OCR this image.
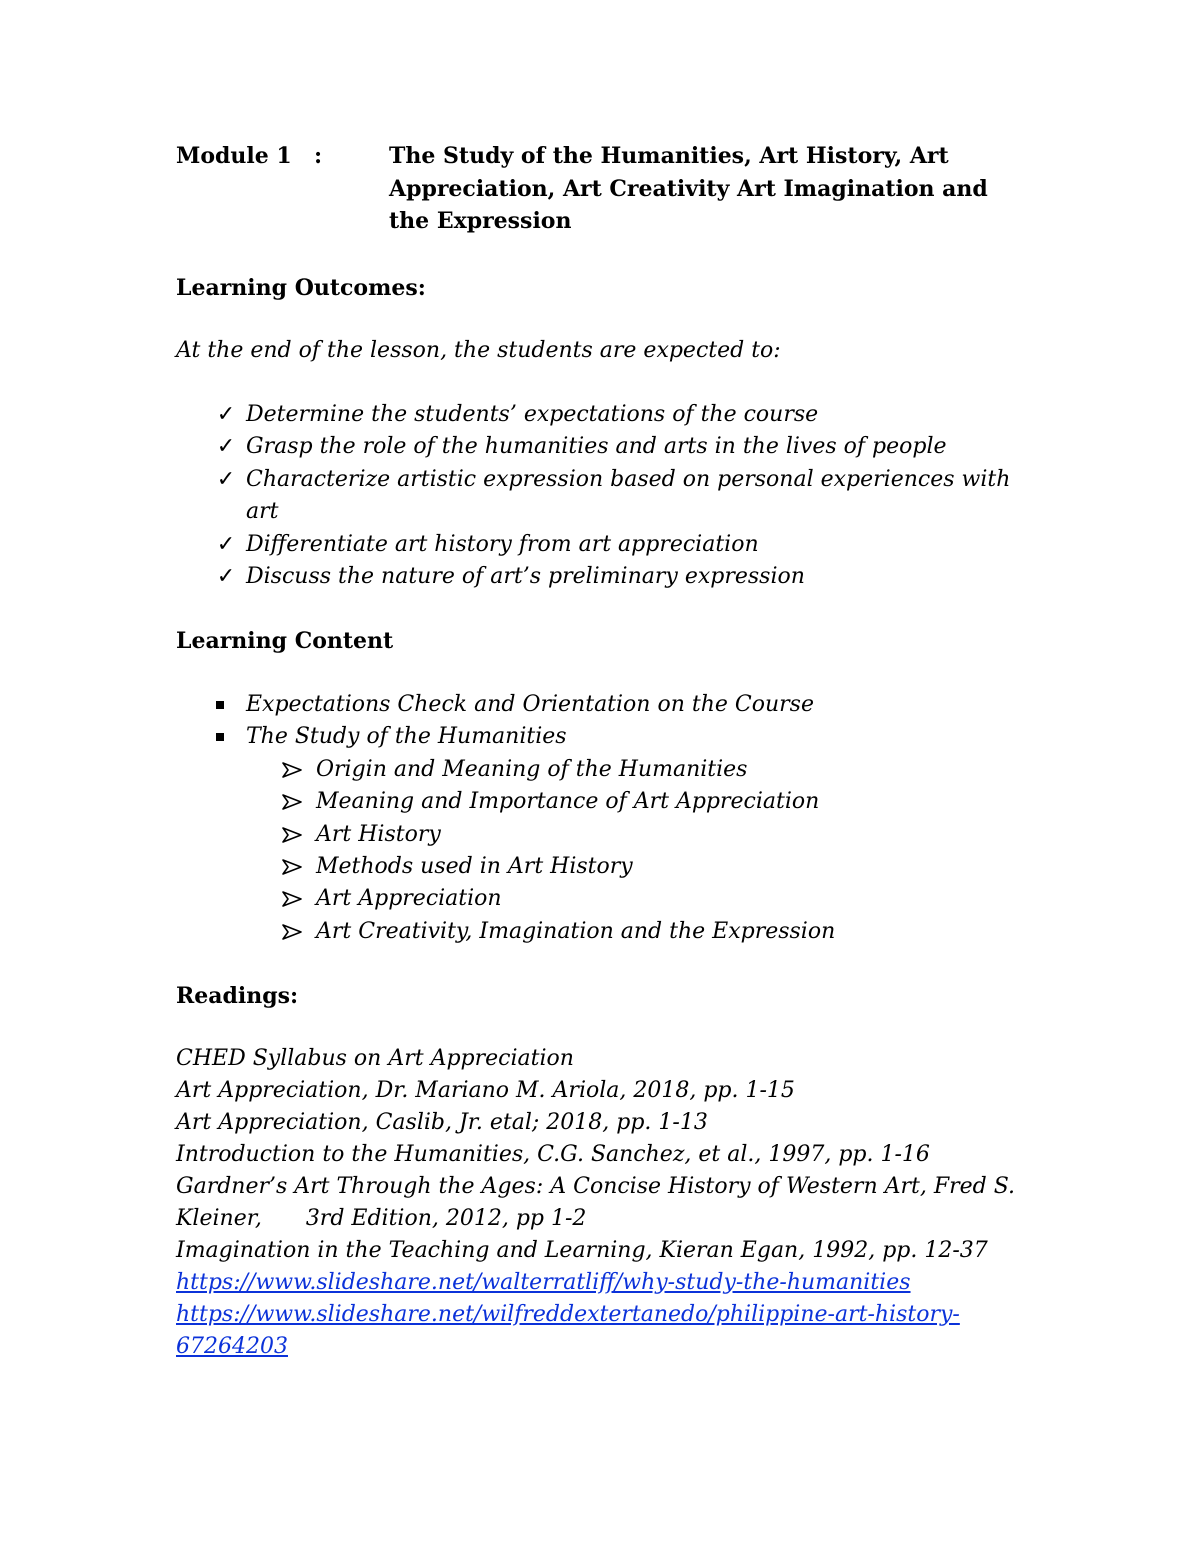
Module 1 :	The Study of the Humanities, Art History, Art Appreciation, Art Creativity Art Imagination and the Expression
Learning Outcomes:
At the end of the lesson, the students are expected to:
✓ Determine the students’ expectations of the course
✓ Grasp the role of the humanities and arts in the lives of people
✓ Characterize artistic expression based on personal experiences with art
✓ Differentiate art history from art appreciation
✓ Discuss the nature of art’s preliminary expression
Learning Content
Expectations Check and Orientation on the Course
The Study of the Humanities
Origin and Meaning of the Humanities
Meaning and Importance of Art Appreciation
Art History
Methods used in Art History
Art Appreciation
Art Creativity, Imagination and the Expression
Readings:
CHED Syllabus on Art Appreciation
Art Appreciation, Dr. Mariano M. Ariola, 2018, pp. 1-15
Art Appreciation, Caslib, Jr. etal; 2018, pp. 1-13
Introduction to the Humanities, C.G. Sanchez, et al., 1997, pp. 1-16
Gardner’s Art Through the Ages: A Concise History of Western Art, Fred S.
Kleiner, 3rd Edition, 2012, pp 1-2
Imagination in the Teaching and Learning, Kieran Egan, 1992, pp. 12-37
https://www.slideshare.net/walterratliff/why-study-the-humanities
https://www.slideshare.net/wilfreddextertanedo/philippine-art-history-67264203
